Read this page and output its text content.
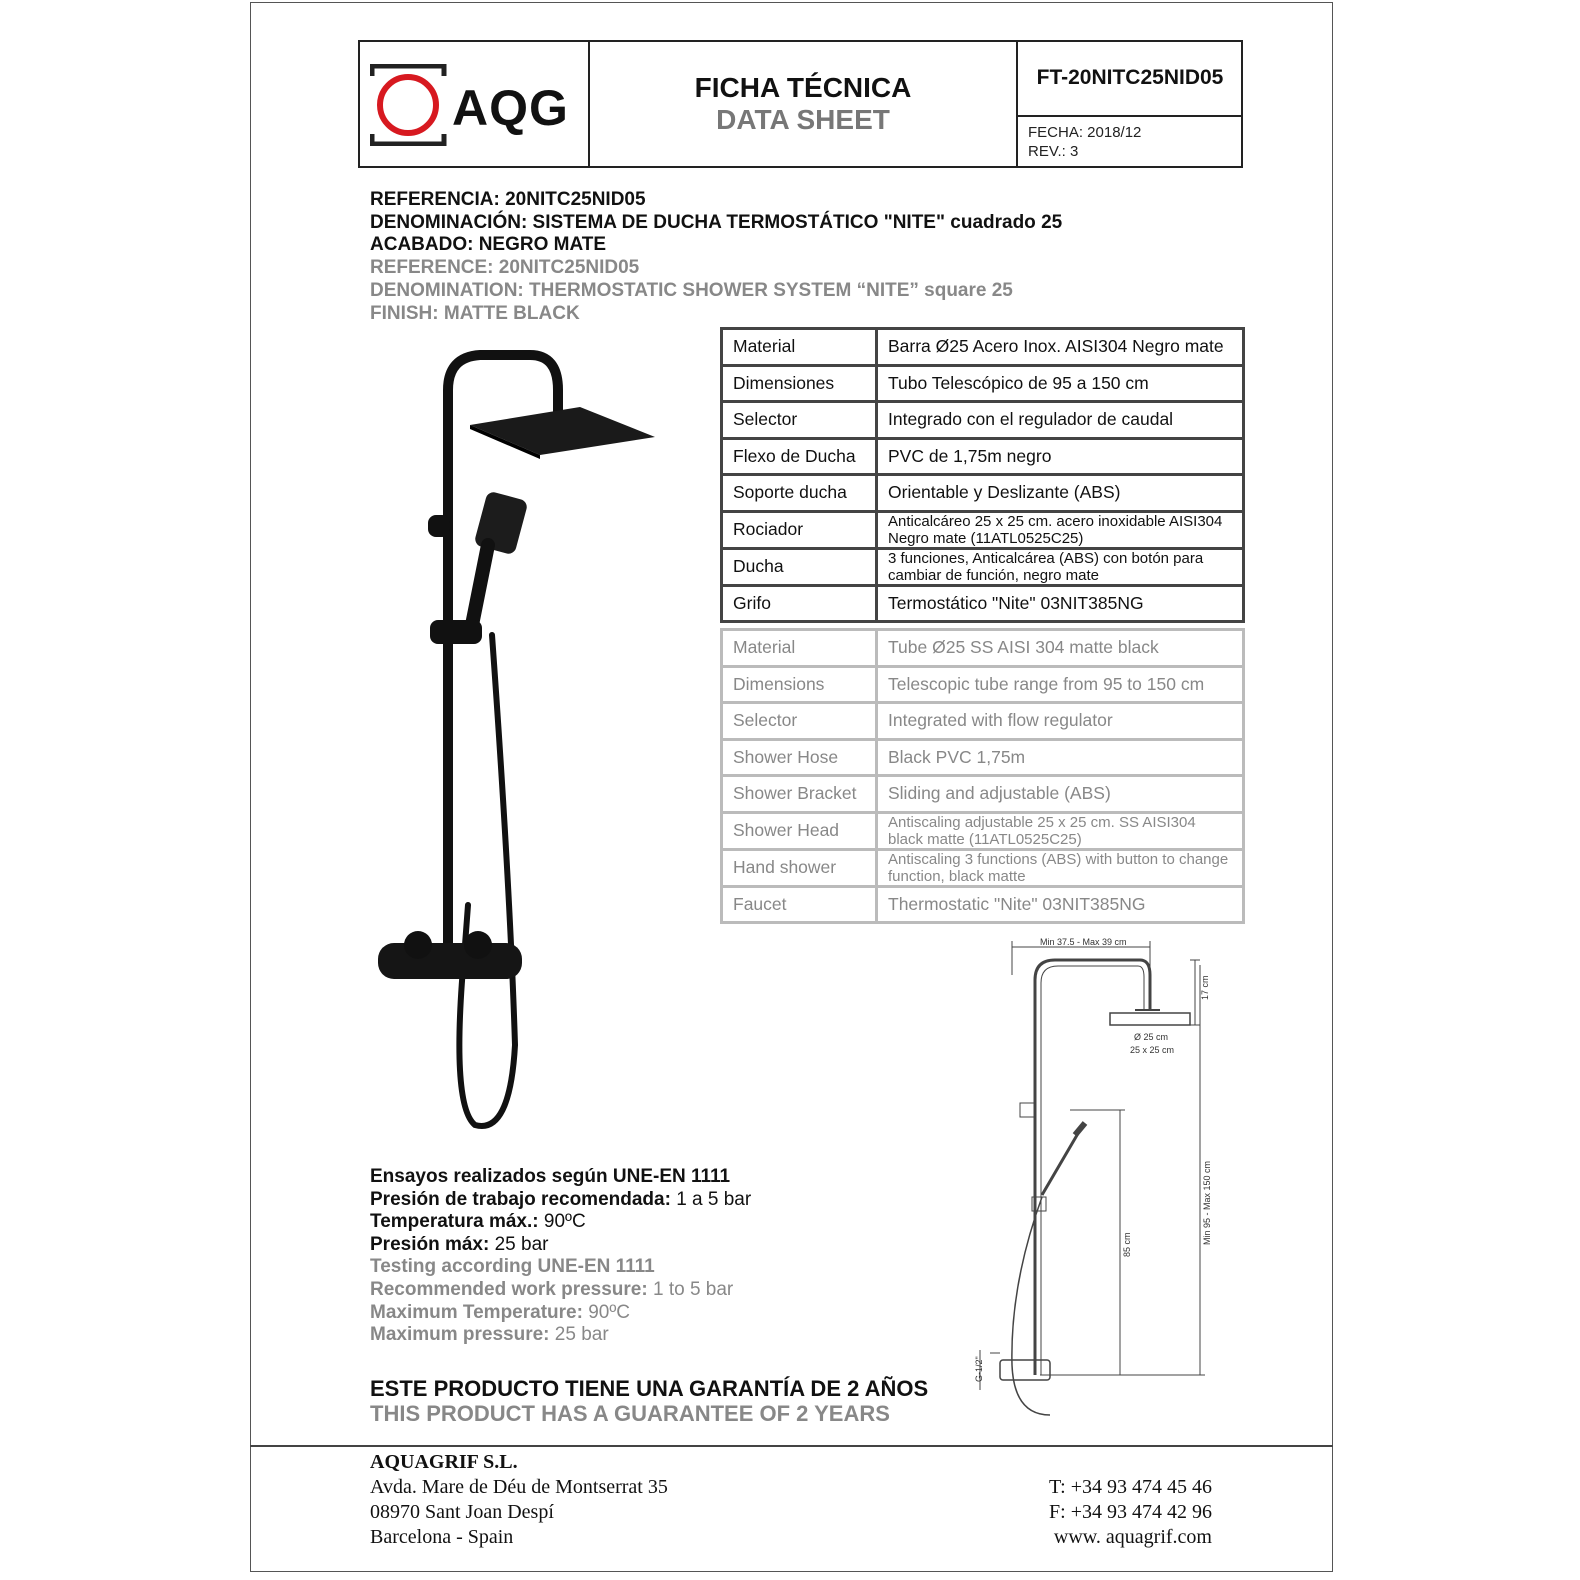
AQG	FICHA TÉCNICA
DATA SHEET
FT-20NITC25NID05
FECHA: 2018/12
REV.: 3
REFERENCIA: 20NITC25NID05
DENOMINACIÓN: SISTEMA DE DUCHA TERMOSTÁTICO "NITE" cuadrado 25
ACABADO: NEGRO MATE
REFERENCE: 20NITC25NID05
DENOMINATION: THERMOSTATIC SHOWER SYSTEM “NITE” square 25
FINISH: MATTE BLACK
Material	Barra Ø25 Acero Inox. AISI304 Negro mate
Dimensiones	Tubo Telescópico de 95 a 150 cm
Selector	Integrado con el regulador de caudal
Flexo de Ducha	PVC de 1,75m negro
Soporte ducha	Orientable y Deslizante (ABS)
Rociador	Anticalcáreo 25 x 25 cm. acero inoxidable AISI304 Negro mate (11ATL0525C25)
Ducha	3 funciones, Anticalcárea (ABS) con botón para cambiar de función, negro mate
Grifo	Termostático "Nite" 03NIT385NG
Material	Tube Ø25 SS AISI 304 matte black
Dimensions	Telescopic tube range from 95 to 150 cm
Selector	Integrated with flow regulator
Shower Hose	Black PVC 1,75m
Shower Bracket	Sliding and adjustable (ABS)
Shower Head	Antiscaling adjustable 25 x 25 cm. SS AISI304 black matte (11ATL0525C25)
Hand shower	Antiscaling 3 functions (ABS) with button to change function, black matte
Faucet	Thermostatic "Nite" 03NIT385NG
Min 37.5 - Max 39 cm
17 cm
Ø 25 cm
25 x 25 cm
Min 95 - Max 150 cm
85 cm
G-1/2"
Ensayos realizados según UNE-EN 1111
Presión de trabajo recomendada: 1 a 5 bar
Temperatura máx.: 90ºC
Presión máx: 25 bar
Testing according UNE-EN 1111
Recommended work pressure: 1 to 5 bar
Maximum Temperature: 90ºC
Maximum pressure: 25 bar
ESTE PRODUCTO TIENE UNA GARANTÍA DE 2 AÑOS
THIS PRODUCT HAS A GUARANTEE OF 2 YEARS
AQUAGRIF S.L.
Avda. Mare de Déu de Montserrat 35
08970 Sant Joan Despí
Barcelona - Spain
T: +34 93 474 45 46
F: +34 93 474 42 96
www. aquagrif.com
